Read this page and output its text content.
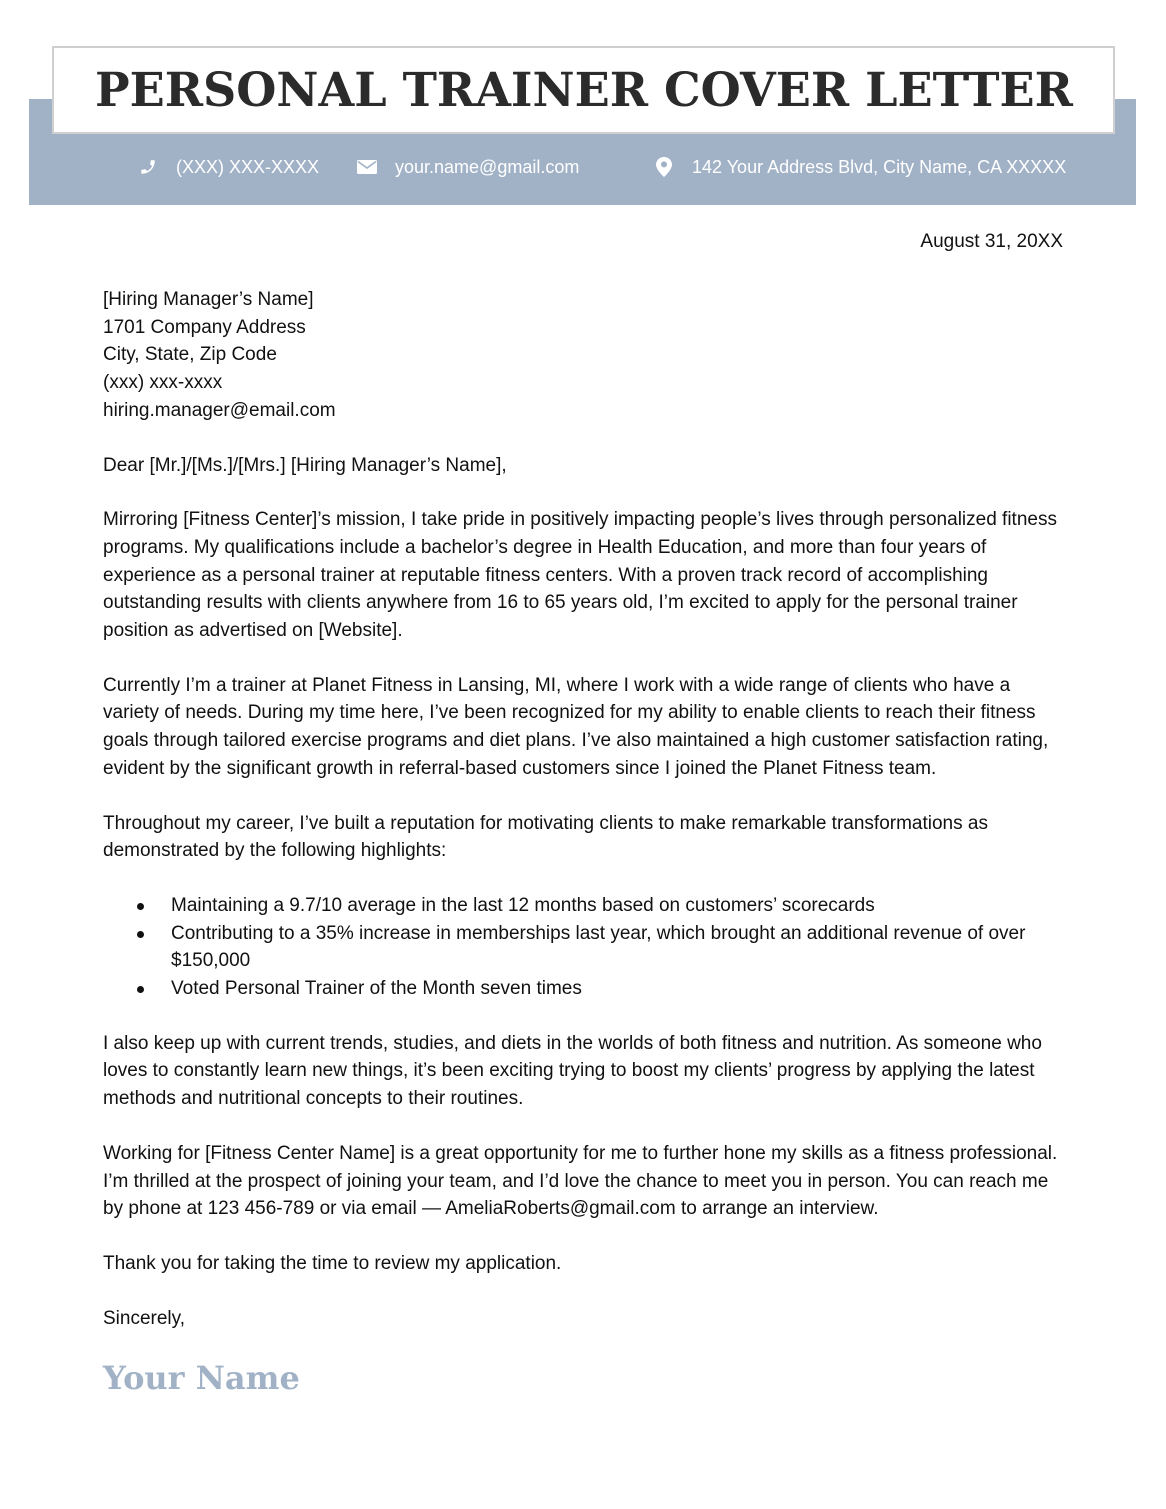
PERSONAL TRAINER COVER LETTER
(XXX) XXX-XXXX	your.name@gmail.com	142 Your Address Blvd, City Name, CA XXXXX

August 31, 20XX

[Hiring Manager’s Name]
1701 Company Address
City, State, Zip Code
(xxx) xxx-xxxx
hiring.manager@email.com

Dear [Mr.]/[Ms.]/[Mrs.] [Hiring Manager’s Name],

Mirroring [Fitness Center]’s mission, I take pride in positively impacting people’s lives through personalized fitness programs. My qualifications include a bachelor’s degree in Health Education, and more than four years of experience as a personal trainer at reputable fitness centers. With a proven track record of accomplishing outstanding results with clients anywhere from 16 to 65 years old, I’m excited to apply for the personal trainer position as advertised on [Website].

Currently I’m a trainer at Planet Fitness in Lansing, MI, where I work with a wide range of clients who have a variety of needs. During my time here, I’ve been recognized for my ability to enable clients to reach their fitness goals through tailored exercise programs and diet plans. I’ve also maintained a high customer satisfaction rating, evident by the significant growth in referral-based customers since I joined the Planet Fitness team.

Throughout my career, I’ve built a reputation for motivating clients to make remarkable transformations as demonstrated by the following highlights:

Maintaining a 9.7/10 average in the last 12 months based on customers’ scorecards
Contributing to a 35% increase in memberships last year, which brought an additional revenue of over $150,000
Voted Personal Trainer of the Month seven times

I also keep up with current trends, studies, and diets in the worlds of both fitness and nutrition. As someone who loves to constantly learn new things, it’s been exciting trying to boost my clients’ progress by applying the latest methods and nutritional concepts to their routines.

Working for [Fitness Center Name] is a great opportunity for me to further hone my skills as a fitness professional. I’m thrilled at the prospect of joining your team, and I’d love the chance to meet you in person. You can reach me by phone at 123 456-789 or via email — AmeliaRoberts@gmail.com to arrange an interview.

Thank you for taking the time to review my application.

Sincerely,

Your Name
